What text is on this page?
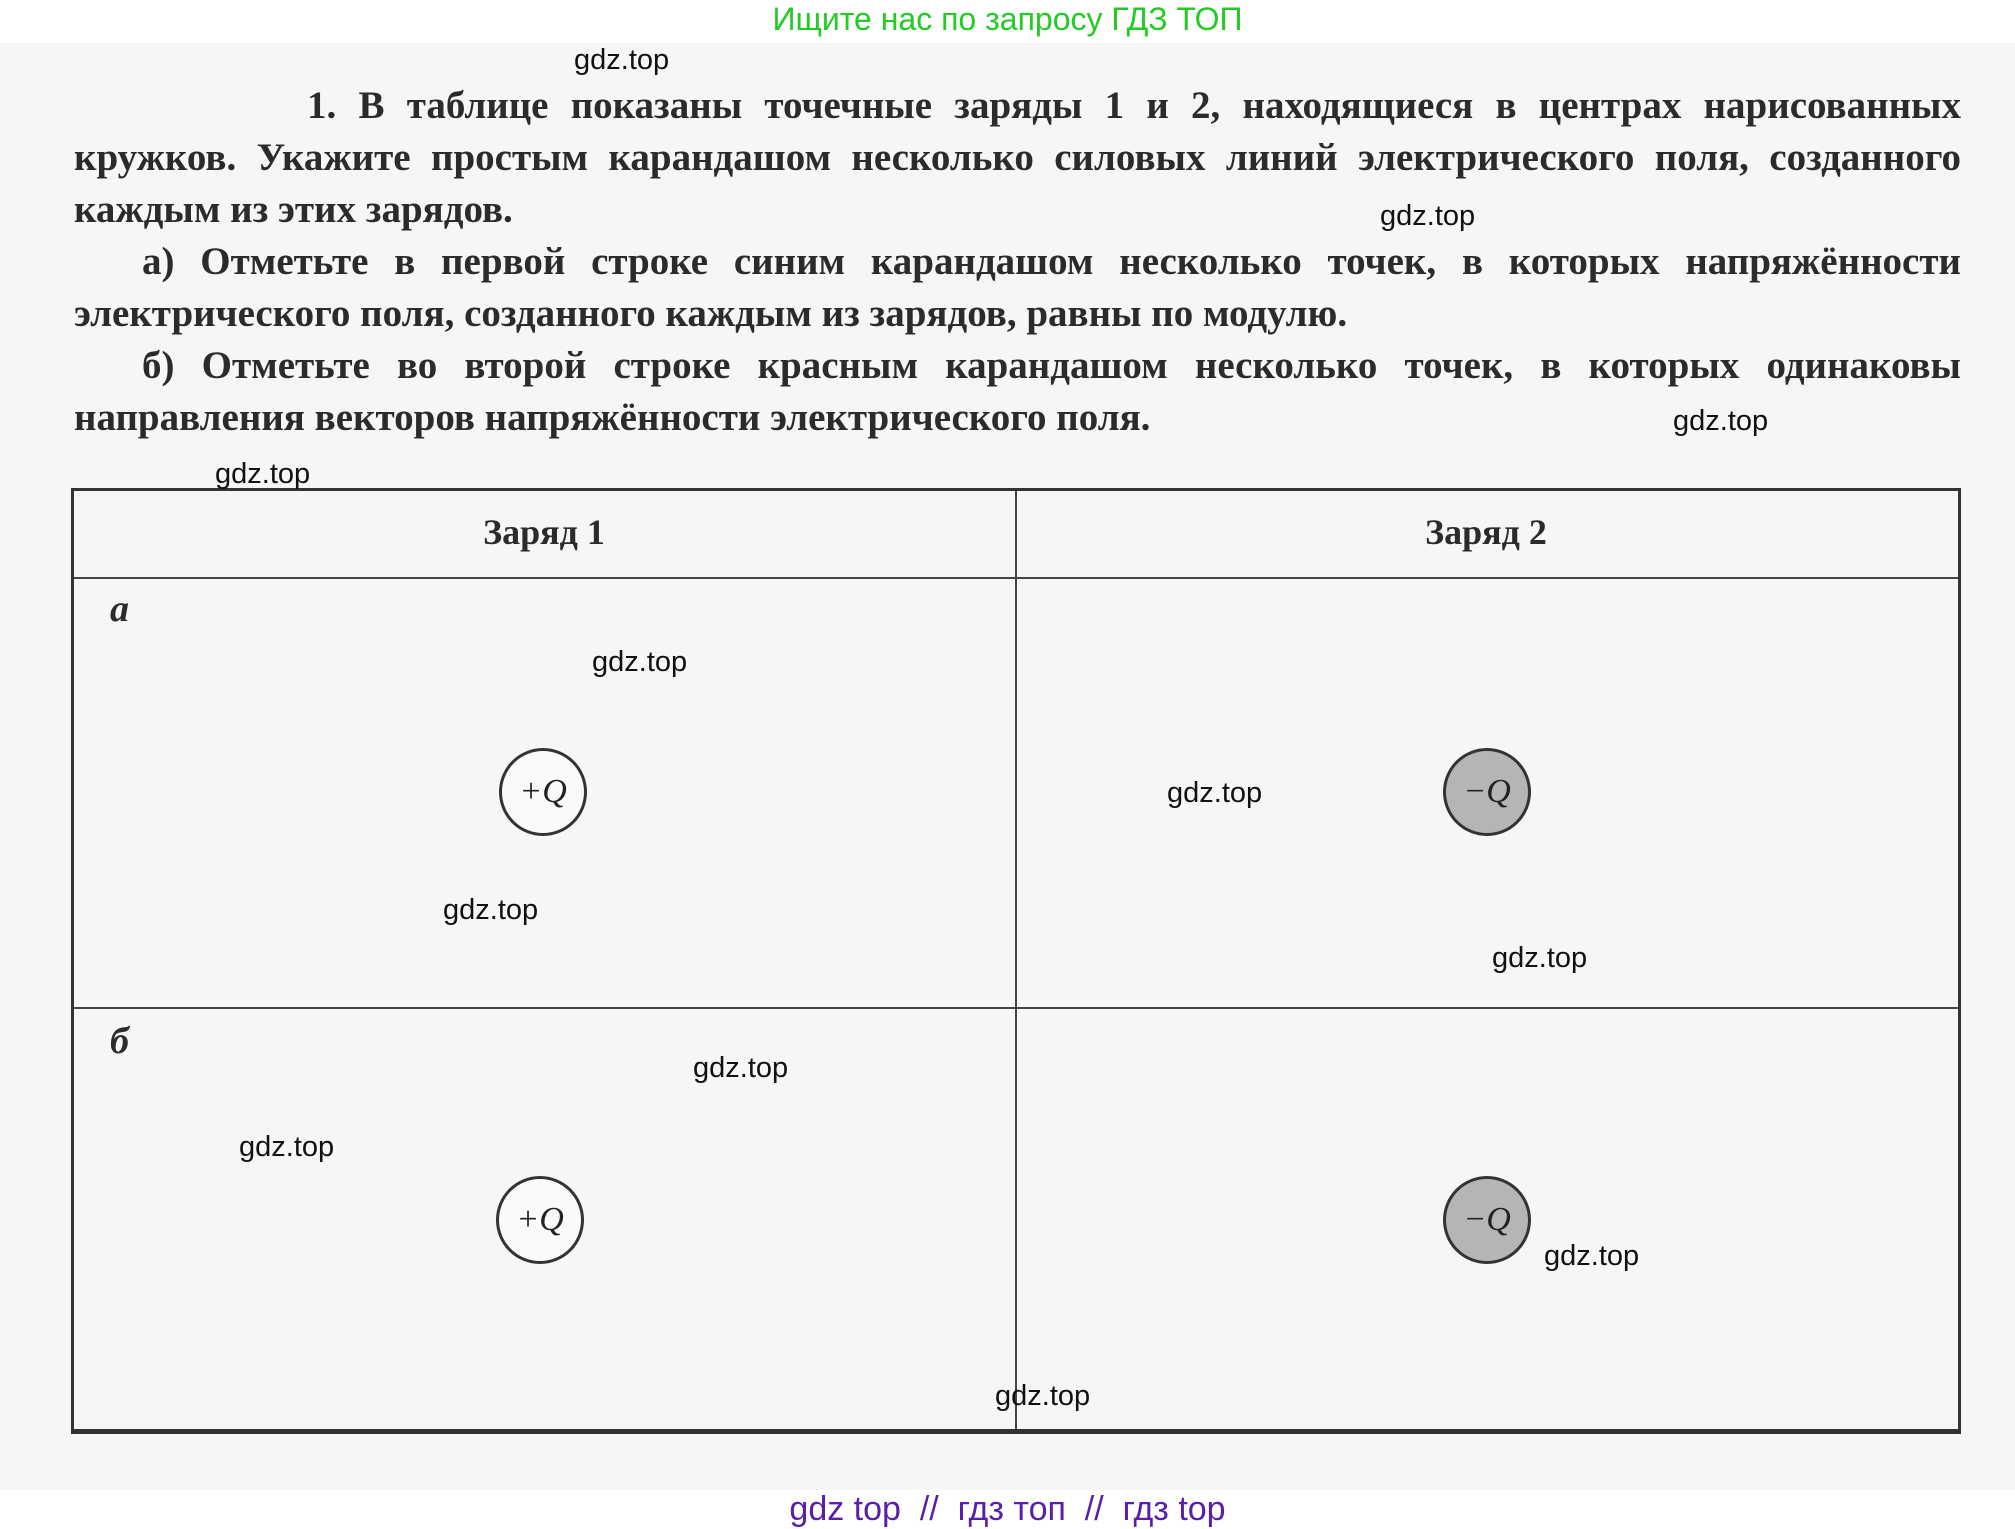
Ищите нас по запросу ГДЗ ТОП

1. В таблице показаны точечные заряды 1 и 2, находящиеся в центрах нарисованных кружков. Укажите простым карандашом несколько силовых линий электрического поля, созданного каждым из этих зарядов.

а) Отметьте в первой строке синим карандашом несколько точек, в которых напряжённости электрического поля, созданного каждым из зарядов, равны по модулю.

б) Отметьте во второй строке красным карандашом несколько точек, в которых одинаковы направления векторов напряжённости электрического поля.

Заряд 1	Заряд 2
а
+Q	−Q
б
+Q	−Q
gdz.top
gdz.top
gdz.top
gdz.top
gdz.top
gdz.top
gdz.top
gdz.top
gdz.top
gdz.top
gdz.top
gdz.top
gdz top  //  гдз топ  //  гдз top
